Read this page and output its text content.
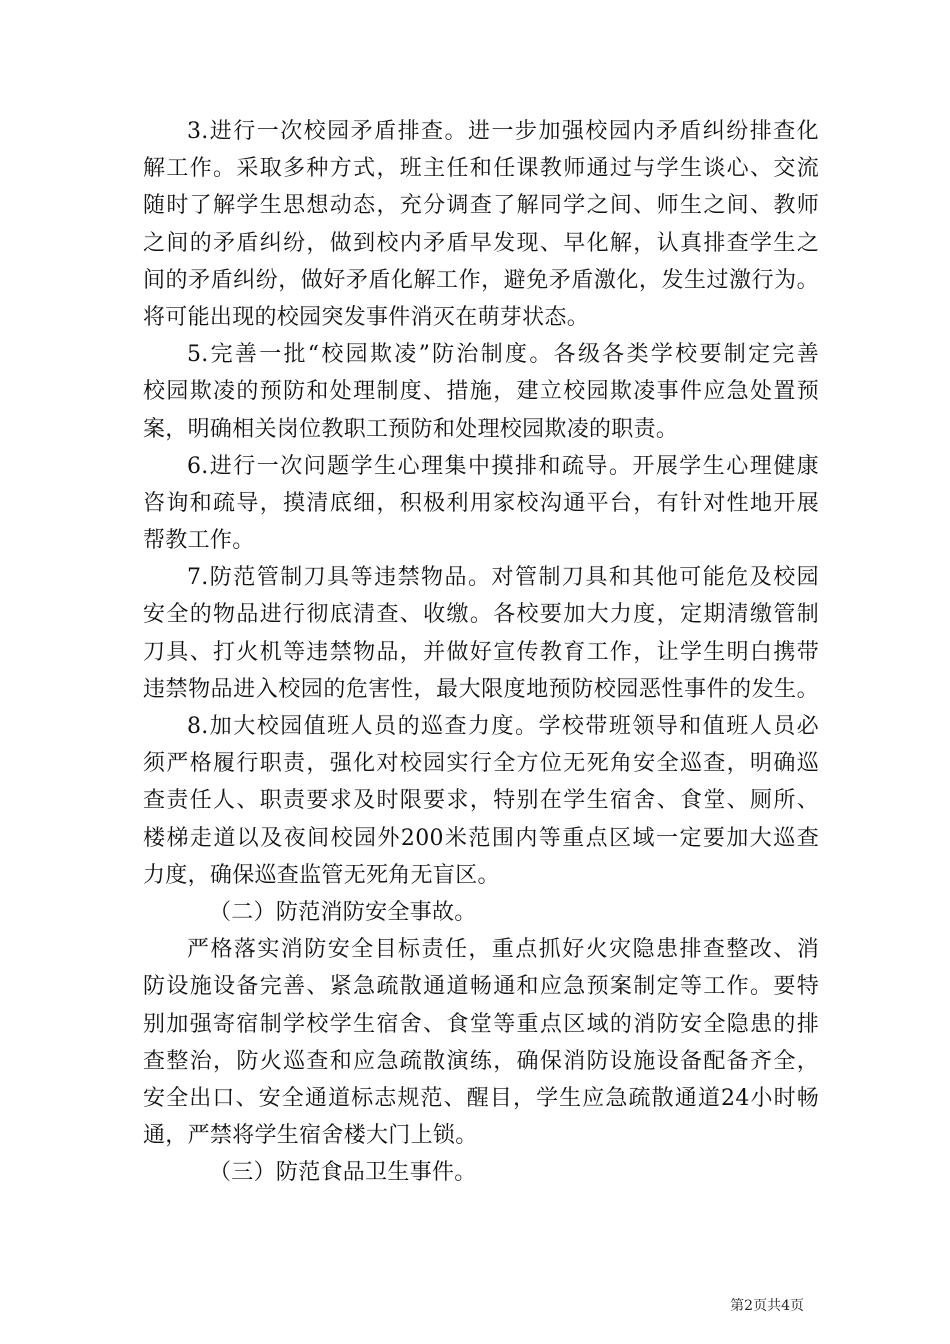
3.进行一次校园矛盾排查。进一步加强校园内矛盾纠纷排查化
解工作。采取多种方式，班主任和任课教师通过与学生谈心、交流
随时了解学生思想动态，充分调查了解同学之间、师生之间、教师
之间的矛盾纠纷，做到校内矛盾早发现、早化解，认真排查学生之
间的矛盾纠纷，做好矛盾化解工作，避免矛盾激化，发生过激行为。
将可能出现的校园突发事件消灭在萌芽状态。
5.完善一批“校园欺凌”防治制度。各级各类学校要制定完善
校园欺凌的预防和处理制度、措施，建立校园欺凌事件应急处置预
案，明确相关岗位教职工预防和处理校园欺凌的职责。
6.进行一次问题学生心理集中摸排和疏导。开展学生心理健康
咨询和疏导，摸清底细，积极利用家校沟通平台，有针对性地开展
帮教工作。
7.防范管制刀具等违禁物品。对管制刀具和其他可能危及校园
安全的物品进行彻底清查、收缴。各校要加大力度，定期清缴管制
刀具、打火机等违禁物品，并做好宣传教育工作，让学生明白携带
违禁物品进入校园的危害性，最大限度地预防校园恶性事件的发生。
8.加大校园值班人员的巡查力度。学校带班领导和值班人员必
须严格履行职责，强化对校园实行全方位无死角安全巡查，明确巡
查责任人、职责要求及时限要求，特别在学生宿舍、食堂、厕所、
楼梯走道以及夜间校园外200米范围内等重点区域一定要加大巡查
力度，确保巡查监管无死角无盲区。
（二）防范消防安全事故。
严格落实消防安全目标责任，重点抓好火灾隐患排查整改、消
防设施设备完善、紧急疏散通道畅通和应急预案制定等工作。要特
别加强寄宿制学校学生宿舍、食堂等重点区域的消防安全隐患的排
查整治，防火巡查和应急疏散演练，确保消防设施设备配备齐全，
安全出口、安全通道标志规范、醒目，学生应急疏散通道24小时畅
通，严禁将学生宿舍楼大门上锁。
（三）防范食品卫生事件。
第2页共4页
